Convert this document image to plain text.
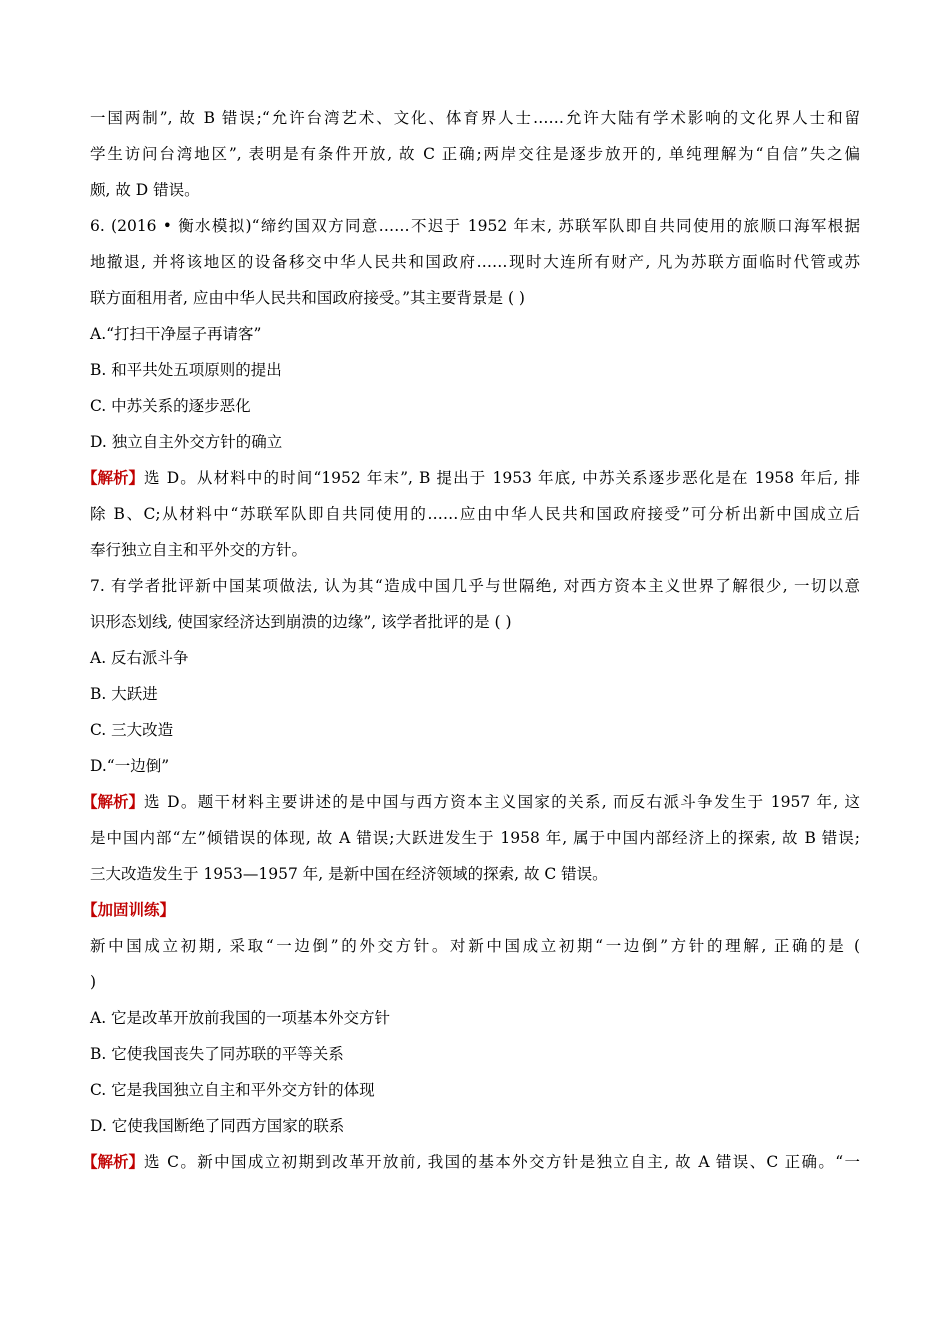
一国两制”, 故 B 错误;“允许台湾艺术、文化、体育界人士……允许大陆有学术影响的文化界人士和留
学生访问台湾地区”, 表明是有条件开放, 故 C 正确;两岸交往是逐步放开的, 单纯理解为“自信”失之偏
颇, 故 D 错误。
6. (2016 • 衡水模拟)“缔约国双方同意……不迟于 1952 年末, 苏联军队即自共同使用的旅顺口海军根据
地撤退, 并将该地区的设备移交中华人民共和国政府……现时大连所有财产, 凡为苏联方面临时代管或苏
联方面租用者, 应由中华人民共和国政府接受。”其主要背景是 ( )
A.“打扫干净屋子再请客”
B. 和平共处五项原则的提出
C. 中苏关系的逐步恶化
D. 独立自主外交方针的确立
【解析】 选 D。从材料中的时间“1952 年末”, B 提出于 1953 年底, 中苏关系逐步恶化是在 1958 年后, 排
除 B、C;从材料中“苏联军队即自共同使用的……应由中华人民共和国政府接受”可分析出新中国成立后
奉行独立自主和平外交的方针。
7. 有学者批评新中国某项做法, 认为其“造成中国几乎与世隔绝, 对西方资本主义世界了解很少, 一切以意
识形态划线, 使国家经济达到崩溃的边缘”, 该学者批评的是 ( )
A. 反右派斗争
B. 大跃进
C. 三大改造
D.“一边倒”
【解析】 选 D。题干材料主要讲述的是中国与西方资本主义国家的关系, 而反右派斗争发生于 1957 年, 这
是中国内部“左”倾错误的体现, 故 A 错误;大跃进发生于 1958 年, 属于中国内部经济上的探索, 故 B 错误;
三大改造发生于 1953—1957 年, 是新中国在经济领域的探索, 故 C 错误。
【加固训练】
新中国成立初期, 采取“一边倒”的外交方针。对新中国成立初期“一边倒”方针的理解, 正确的是 (
)
A. 它是改革开放前我国的一项基本外交方针
B. 它使我国丧失了同苏联的平等关系
C. 它是我国独立自主和平外交方针的体现
D. 它使我国断绝了同西方国家的联系
【解析】 选 C。新中国成立初期到改革开放前, 我国的基本外交方针是独立自主, 故 A 错误、C 正确。“一
